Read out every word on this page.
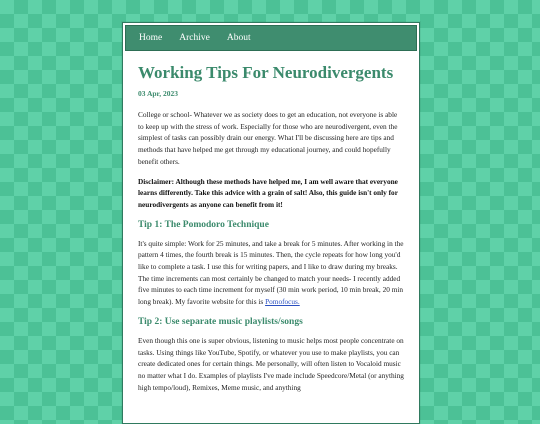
Home Archive About
Working Tips For Neurodivergents
03 Apr, 2023

College or school- Whatever we as society does to get an education, not everyone is able to keep up with the stress of work. Especially for those who are neurodivergent, even the simplest of tasks can possibly drain our energy. What I'll be discussing here are tips and methods that have helped me get through my educational journey, and could hopefully benefit others.

Disclaimer: Although these methods have helped me, I am well aware that everyone learns differently. Take this advice with a grain of salt! Also, this guide isn't only for neurodivergents as anyone can benefit from it!

Tip 1: The Pomodoro Technique

It's quite simple: Work for 25 minutes, and take a break for 5 minutes. After working in the pattern 4 times, the fourth break is 15 minutes. Then, the cycle repeats for how long you'd like to complete a task. I use this for writing papers, and I like to draw during my breaks. The time increments can most certainly be changed to match your needs- I recently added five minutes to each time increment for myself (30 min work period, 10 min break, 20 min long break). My favorite website for this is Pomofocus.

Tip 2: Use separate music playlists/songs

Even though this one is super obvious, listening to music helps most people concentrate on tasks. Using things like YouTube, Spotify, or whatever you use to make playlists, you can create dedicated ones for certain things. Me personally, will often listen to Vocaloid music no matter what I do. Examples of playlists I've made include Speedcore/Metal (or anything high tempo/loud), Remixes, Meme music, and anything
